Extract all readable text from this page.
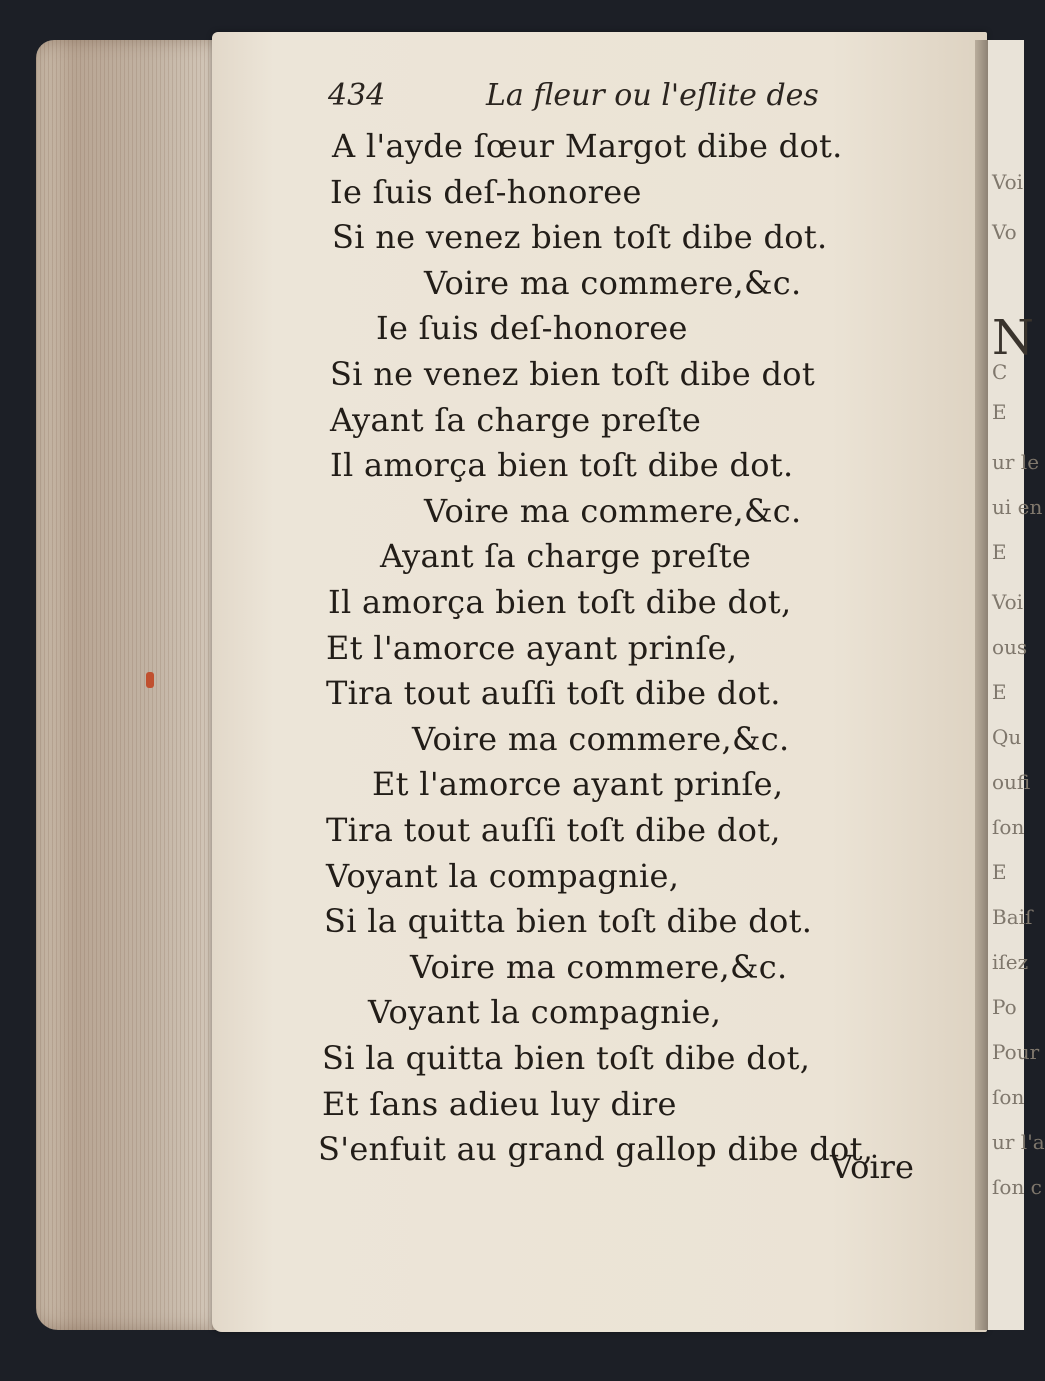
Voi
Vo
N
C
E
ur le
ui en
E
Voi
ous
E
Qu
oufi
ſon
E
Baiſ
iſez
Po
Pour
ſon
ur l'a
ſon c
434	La fleur ou l'eſlite des
A l'ayde ſœur Margot dibe dot.
Ie ſuis deſ-honoree
Si ne venez bien toſt dibe dot.
Voire ma commere,&c.
Ie ſuis deſ-honoree
Si ne venez bien toſt dibe dot
Ayant ſa charge preſte
Il amorça bien toſt dibe dot.
Voire ma commere,&c.
Ayant ſa charge preſte
Il amorça bien toſt dibe dot,
Et l'amorce ayant prinſe,
Tira tout auſſi toſt dibe dot.
Voire ma commere,&c.
Et l'amorce ayant prinſe,
Tira tout auſſi toſt dibe dot,
Voyant la compagnie,
Si la quitta bien toſt dibe dot.
Voire ma commere,&c.
Voyant la compagnie,
Si la quitta bien toſt dibe dot,
Et ſans adieu luy dire
S'enfuit au grand gallop dibe dot,
Voire
